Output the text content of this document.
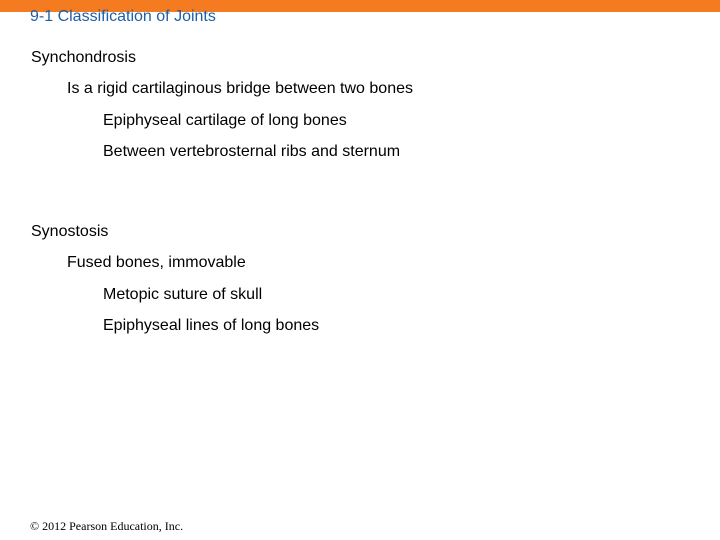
9-1 Classification of Joints
Synchondrosis
Is a rigid cartilaginous bridge between two bones
Epiphyseal cartilage of long bones
Between vertebrosternal ribs and sternum
Synostosis
Fused bones, immovable
Metopic suture of skull
Epiphyseal lines of long bones
© 2012 Pearson Education, Inc.
